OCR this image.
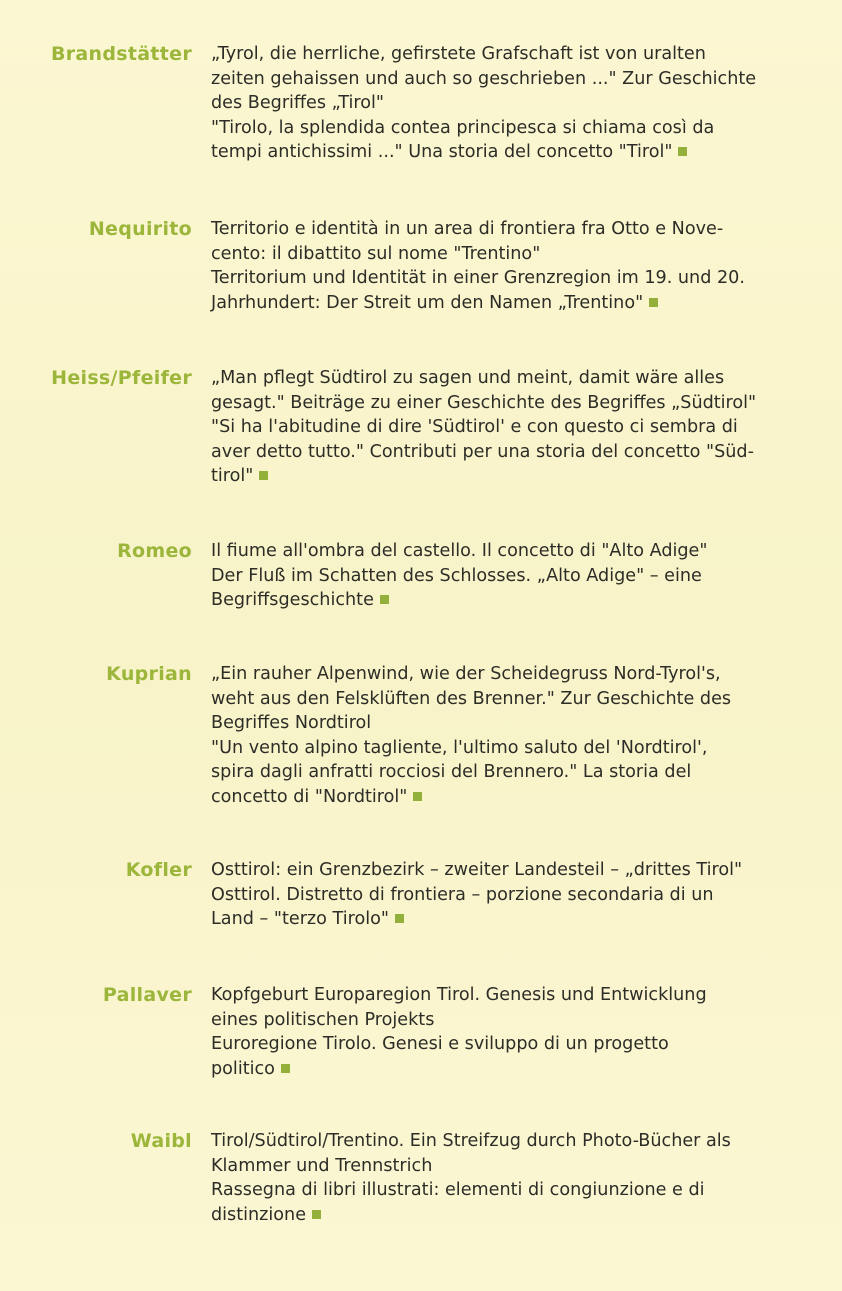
Brandstätter „Tyrol, die herrliche, gefirstete Grafschaft ist von uralten
zeiten gehaissen und auch so geschrieben ..." Zur Geschichte
des Begriffes „Tirol"
"Tirolo, la splendida contea principesca si chiama così da
tempi antichissimi ..." Una storia del concetto "Tirol"
Nequirito Territorio e identità in un area di frontiera fra Otto e Nove-
cento: il dibattito sul nome "Trentino"
Territorium und Identität in einer Grenzregion im 19. und 20.
Jahrhundert: Der Streit um den Namen „Trentino"
Heiss/Pfeifer „Man pflegt Südtirol zu sagen und meint, damit wäre alles
gesagt." Beiträge zu einer Geschichte des Begriffes „Südtirol"
"Si ha l'abitudine di dire 'Südtirol' e con questo ci sembra di
aver detto tutto." Contributi per una storia del concetto "Süd-
tirol"
Romeo Il fiume all'ombra del castello. Il concetto di "Alto Adige"
Der Fluß im Schatten des Schlosses. „Alto Adige" – eine
Begriffsgeschichte
Kuprian „Ein rauher Alpenwind, wie der Scheidegruss Nord-Tyrol's,
weht aus den Felsklüften des Brenner." Zur Geschichte des
Begriffes Nordtirol
"Un vento alpino tagliente, l'ultimo saluto del 'Nordtirol',
spira dagli anfratti rocciosi del Brennero." La storia del
concetto di "Nordtirol"
Kofler Osttirol: ein Grenzbezirk – zweiter Landesteil – „drittes Tirol"
Osttirol. Distretto di frontiera – porzione secondaria di un
Land – "terzo Tirolo"
Pallaver Kopfgeburt Europaregion Tirol. Genesis und Entwicklung
eines politischen Projekts
Euroregione Tirolo. Genesi e sviluppo di un progetto
politico
Waibl Tirol/Südtirol/Trentino. Ein Streifzug durch Photo-Bücher als
Klammer und Trennstrich
Rassegna di libri illustrati: elementi di congiunzione e di
distinzione
